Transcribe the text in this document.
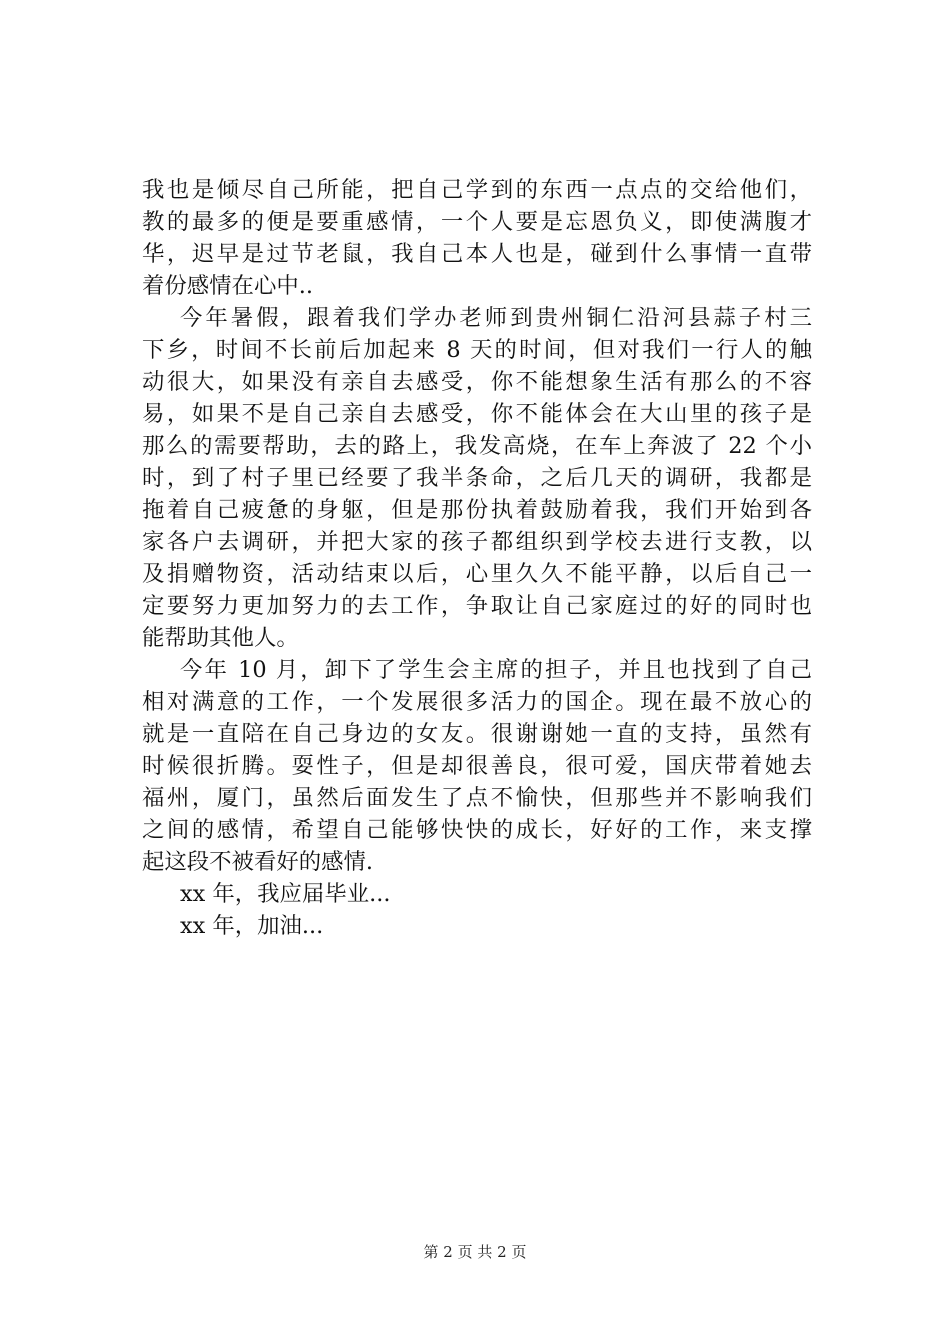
我也是倾尽自己所能，把自己学到的东西一点点的交给他们，
教的最多的便是要重感情，一个人要是忘恩负义，即使满腹才
华，迟早是过节老鼠，我自己本人也是，碰到什么事情一直带
着份感情在心中..
今年暑假，跟着我们学办老师到贵州铜仁沿河县蒜子村三
下乡，时间不长前后加起来 8 天的时间，但对我们一行人的触
动很大，如果没有亲自去感受，你不能想象生活有那么的不容
易，如果不是自己亲自去感受，你不能体会在大山里的孩子是
那么的需要帮助，去的路上，我发高烧，在车上奔波了 22 个小
时，到了村子里已经要了我半条命，之后几天的调研，我都是
拖着自己疲惫的身躯，但是那份执着鼓励着我，我们开始到各
家各户去调研，并把大家的孩子都组织到学校去进行支教，以
及捐赠物资，活动结束以后，心里久久不能平静，以后自己一
定要努力更加努力的去工作，争取让自己家庭过的好的同时也
能帮助其他人。
今年 10 月，卸下了学生会主席的担子，并且也找到了自己
相对满意的工作，一个发展很多活力的国企。现在最不放心的
就是一直陪在自己身边的女友。很谢谢她一直的支持，虽然有
时候很折腾。耍性子，但是却很善良，很可爱，国庆带着她去
福州，厦门，虽然后面发生了点不愉快，但那些并不影响我们
之间的感情，希望自己能够快快的成长，好好的工作，来支撑
起这段不被看好的感情.
xx 年，我应届毕业...
xx 年，加油...
第 2 页 共 2 页
